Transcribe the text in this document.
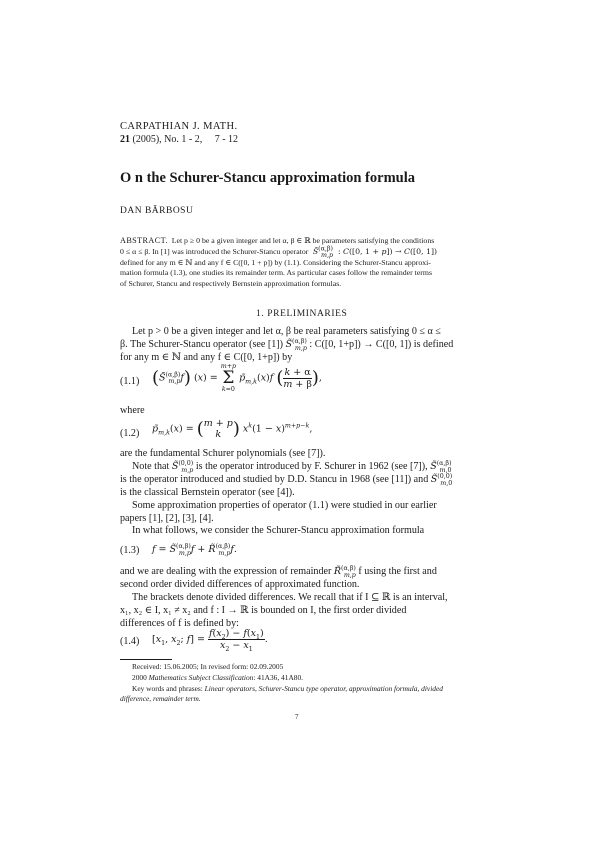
CARPATHIAN J. MATH.
21 (2005), No. 1 - 2, 7 - 12
O n the Schurer-Stancu approximation formula
DAN BĂRBOSU
ABSTRACT. Let p ≥ 0 be a given integer and let α, β ∈ ℝ be parameters satisfying the conditions
0 ≤ α ≤ β. In [1] was introduced the Schurer-Stancu operator S̃$^{(\alpha,\beta)}_{m,p}$  : C([0, 1 + p]) → C([0, 1])
defined for any m ∈ ℕ and any f ∈ C([0, 1 + p]) by (1.1). Considering the Schurer-Stancu approxi-
mation formula (1.3), one studies its remainder term. As particular cases follow the remainder terms
of Schurer, Stancu and respectively Bernstein approximation formulas.
1. PRELIMINARIES
Let p > 0 be a given integer and let α, β be real parameters satisfying 0 ≤ α ≤
β. The Schurer-Stancu operator (see [1]) S̃$^{(\alpha,\beta)}_{m,p}$ : C([0, 1+p]) → C([0, 1]) is defined
for any m ∈ ℕ and any f ∈ C([0, 1+p]) by
(1.1) (S̃$^{(\alpha,\beta)}_{m,p}$f) (x) =
m+p
Σ
k=0
$p̃_{m,k}(x)f$ ( $\frac{k + \alpha}{m + \beta}$ ),
where
(1.2) $p̃_{m,k}(x)$ = ( m + p
k ) $x^k(1 - x)^{m+p-k}$,
are the fundamental Schurer polynomials (see [7]).
Note that S̃$^{(0,0)}_{m,p}$ is the operator introduced by F. Schurer in 1962 (see [7]), S̃$^{(\alpha,\beta)}_{m,0}$
is the operator introduced and studied by D.D. Stancu in 1968 (see [11]) and S̃$^{(0,0)}_{m,0}$
is the classical Bernstein operator (see [4]).
Some approximation properties of operator (1.1) were studied in our earlier
papers [1], [2], [3], [4].
In what follows, we consider the Schurer-Stancu approximation formula
(1.3) f = S̃$^{(\alpha,\beta)}_{m,p}$f + R̃$^{(\alpha,\beta)}_{m,p}$f.
and we are dealing with the expression of remainder R̃$^{(\alpha,\beta)}_{m,p}$ f using the first and
second order divided differences of approximated function.
The brackets denote divided differences. We recall that if I ⊆ ℝ is an interval,
x₁, x₂ ∈ I, x₁ ≠ x₂ and f : I → ℝ is bounded on I, the first order divided
differences of f is defined by:
(1.4) [$x_1$, $x_2$; $f] = \frac{f(x_2) - f(x_1)}{x_2 - x_1}$ .
Received: 15.06.2005; In revised form: 02.09.2005
2000 Mathematics Subject Classification: 41A36, 41A80.
Key words and phrases: Linear operators, Schurer-Stancu type operator, approximation formula, divided
difference, remainder term.
7
